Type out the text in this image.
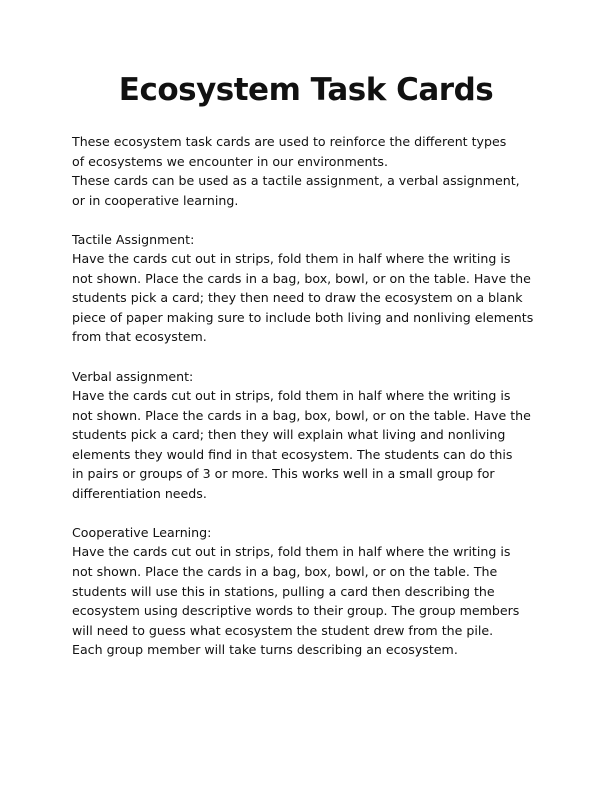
Ecosystem Task Cards
These ecosystem task cards are used to reinforce the different types
of ecosystems we encounter in our environments.
These cards can be used as a tactile assignment, a verbal assignment,
or in cooperative learning.
Tactile Assignment:
Have the cards cut out in strips, fold them in half where the writing is
not shown. Place the cards in a bag, box, bowl, or on the table. Have the
students pick a card; they then need to draw the ecosystem on a blank
piece of paper making sure to include both living and nonliving elements
from that ecosystem.
Verbal assignment:
Have the cards cut out in strips, fold them in half where the writing is
not shown. Place the cards in a bag, box, bowl, or on the table. Have the
students pick a card; then they will explain what living and nonliving
elements they would find in that ecosystem. The students can do this
in pairs or groups of 3 or more. This works well in a small group for
differentiation needs.
Cooperative Learning:
Have the cards cut out in strips, fold them in half where the writing is
not shown. Place the cards in a bag, box, bowl, or on the table. The
students will use this in stations, pulling a card then describing the
ecosystem using descriptive words to their group. The group members
will need to guess what ecosystem the student drew from the pile.
Each group member will take turns describing an ecosystem.
